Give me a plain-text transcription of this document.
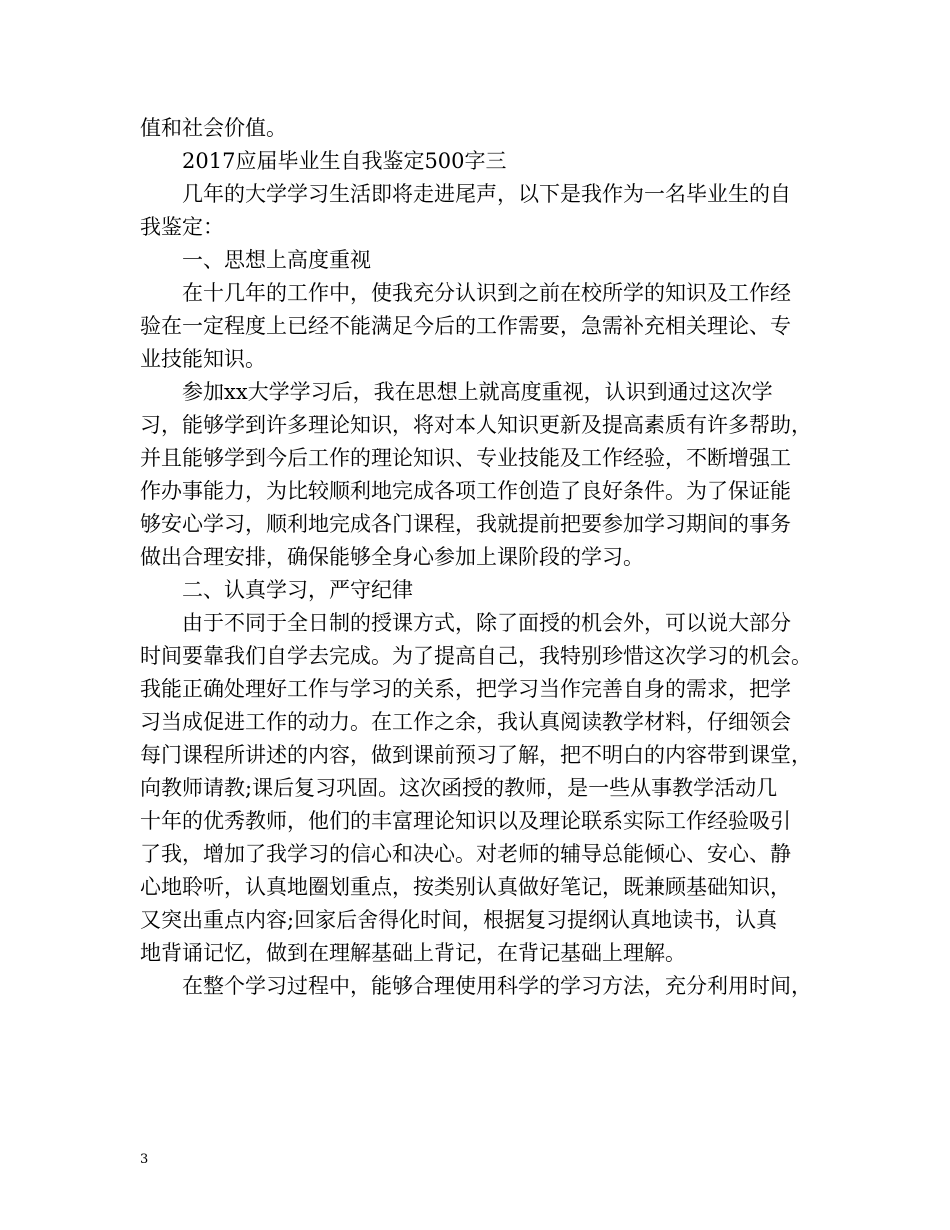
值和社会价值。
2017应届毕业生自我鉴定500字三
几年的大学学习生活即将走进尾声，以下是我作为一名毕业生的自
我鉴定：
一、思想上高度重视
在十几年的工作中，使我充分认识到之前在校所学的知识及工作经
验在一定程度上已经不能满足今后的工作需要，急需补充相关理论、专
业技能知识。
参加xx大学学习后，我在思想上就高度重视，认识到通过这次学
习，能够学到许多理论知识，将对本人知识更新及提高素质有许多帮助，
并且能够学到今后工作的理论知识、专业技能及工作经验，不断增强工
作办事能力，为比较顺利地完成各项工作创造了良好条件。为了保证能
够安心学习，顺利地完成各门课程，我就提前把要参加学习期间的事务
做出合理安排，确保能够全身心参加上课阶段的学习。
二、认真学习，严守纪律
由于不同于全日制的授课方式，除了面授的机会外，可以说大部分
时间要靠我们自学去完成。为了提高自己，我特别珍惜这次学习的机会。
我能正确处理好工作与学习的关系，把学习当作完善自身的需求，把学
习当成促进工作的动力。在工作之余，我认真阅读教学材料，仔细领会
每门课程所讲述的内容，做到课前预习了解，把不明白的内容带到课堂，
向教师请教;课后复习巩固。这次函授的教师，是一些从事教学活动几
十年的优秀教师，他们的丰富理论知识以及理论联系实际工作经验吸引
了我，增加了我学习的信心和决心。对老师的辅导总能倾心、安心、静
心地聆听，认真地圈划重点，按类别认真做好笔记，既兼顾基础知识，
又突出重点内容;回家后舍得化时间，根据复习提纲认真地读书，认真
地背诵记忆，做到在理解基础上背记，在背记基础上理解。
在整个学习过程中，能够合理使用科学的学习方法，充分利用时间，
3
